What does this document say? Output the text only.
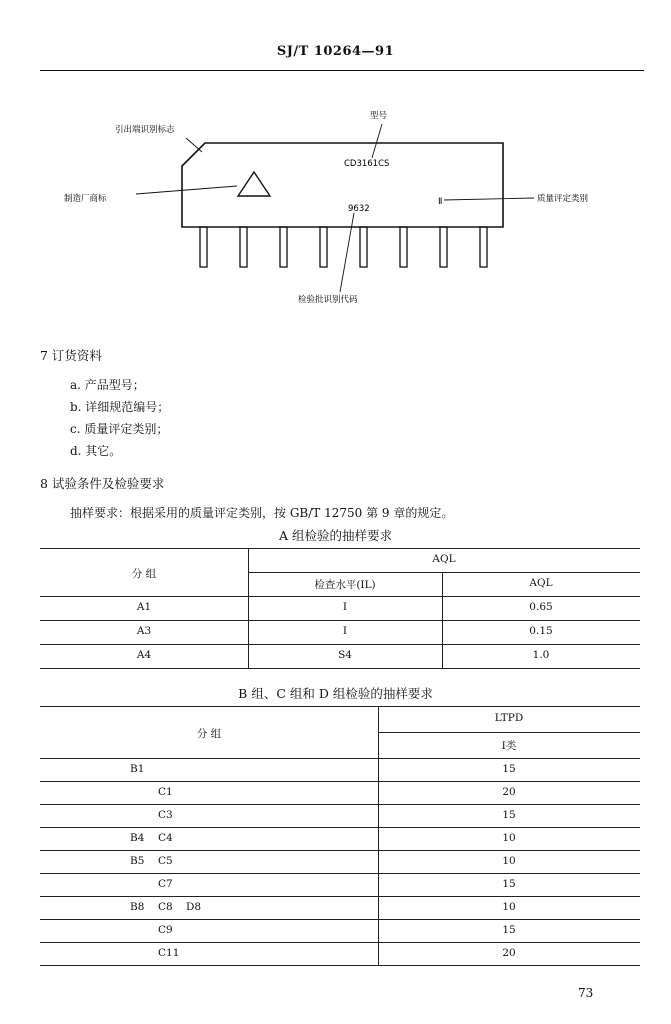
SJ/T 10264—91
引出端识别标志
型号
CD3161CS
制造厂商标	Ⅱ	质量评定类别
9632
检验批识别代码
7 订货资料
a. 产品型号；
b. 详细规范编号；
c. 质量评定类别；
d. 其它。
8 试验条件及检验要求
抽样要求：根据采用的质量评定类别，按 GB/T 12750 第 9 章的规定。
A 组检验的抽样要求
分 组
AQL
检查水平(IL)	AQL
A1	I	0.65
A3	I	0.15
A4	S4	1.0
B 组、C 组和 D 组检验的抽样要求
分 组
LTPD
Ⅰ类
B1	15
C1	20
C3	15
B4 C4	10
B5 C5	10
C7	15
B8 C8 D8	10
C9	15
C11	20
73
